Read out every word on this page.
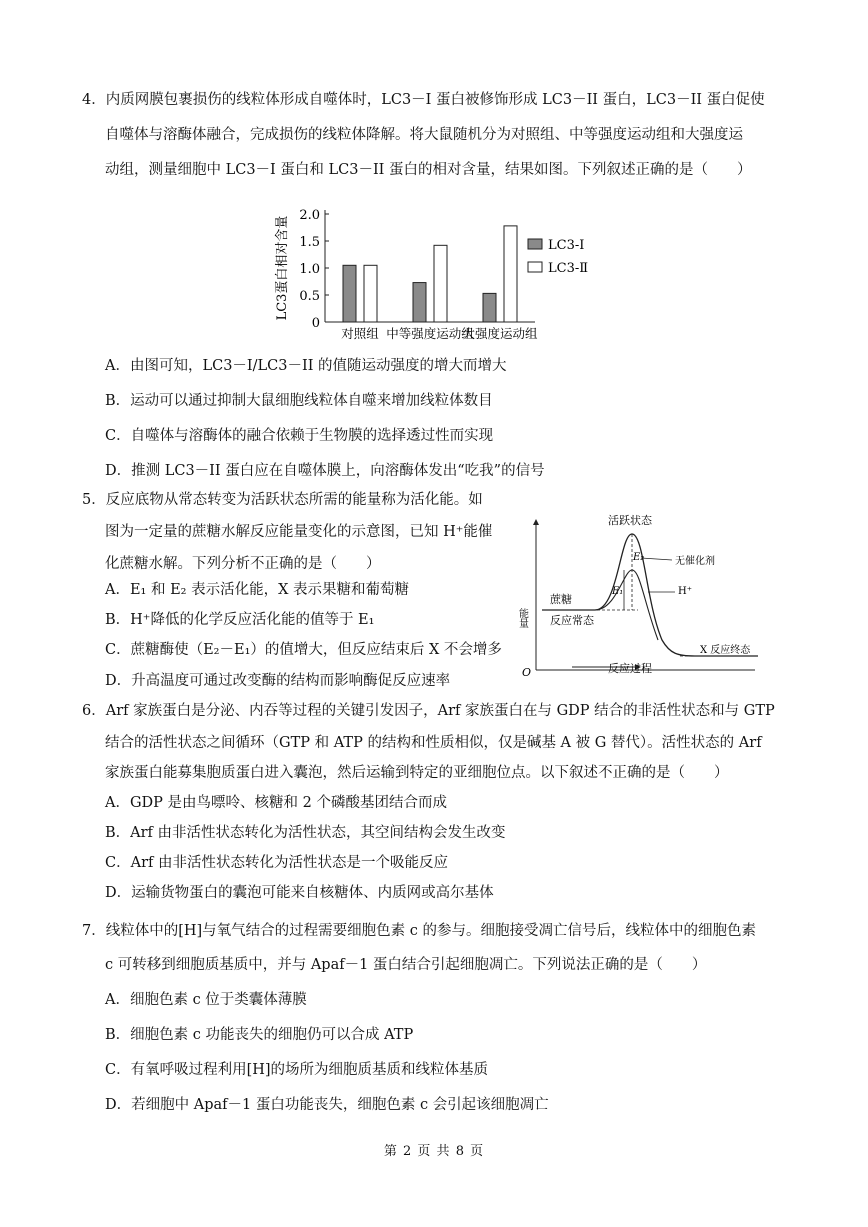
4．内质网膜包裹损伤的线粒体形成自噬体时，LC3－I 蛋白被修饰形成 LC3－II 蛋白，LC3－II 蛋白促使
自噬体与溶酶体融合，完成损伤的线粒体降解。将大鼠随机分为对照组、中等强度运动组和大强度运
动组，测量细胞中 LC3－I 蛋白和 LC3－II 蛋白的相对含量，结果如图。下列叙述正确的是（　　）
0
0.5
1.0
1.5
2.0
LC3蛋白相对含量
对照组 中等强度运动组
大强度运动组
LC3-Ⅰ
LC3-Ⅱ
A．由图可知，LC3－I/LC3－II 的值随运动强度的增大而增大
B．运动可以通过抑制大鼠细胞线粒体自噬来增加线粒体数目
C．自噬体与溶酶体的融合依赖于生物膜的选择透过性而实现
D．推测 LC3－II 蛋白应在自噬体膜上，向溶酶体发出“吃我”的信号
5．反应底物从常态转变为活跃状态所需的能量称为活化能。如
图为一定量的蔗糖水解反应能量变化的示意图，已知 H⁺能催
化蔗糖水解。下列分析不正确的是（　　）
A．E₁ 和 E₂ 表示活化能，X 表示果糖和葡萄糖
B．H⁺降低的化学反应活化能的值等于 E₁
C．蔗糖酶使（E₂－E₁）的值增大，但反应结束后 X 不会增多
D．升高温度可通过改变酶的结构而影响酶促反应速率
O	反应过程
能量
活跃状态
无催化剂
H⁺
E₂
E₁
蔗糖
反应常态
X 反应终态
6．Arf 家族蛋白是分泌、内吞等过程的关键引发因子，Arf 家族蛋白在与 GDP 结合的非活性状态和与 GTP
结合的活性状态之间循环（GTP 和 ATP 的结构和性质相似，仅是碱基 A 被 G 替代）。活性状态的 Arf
家族蛋白能募集胞质蛋白进入囊泡，然后运输到特定的亚细胞位点。以下叙述不正确的是（　　）
A．GDP 是由鸟嘌呤、核糖和 2 个磷酸基团结合而成
B．Arf 由非活性状态转化为活性状态，其空间结构会发生改变
C．Arf 由非活性状态转化为活性状态是一个吸能反应
D．运输货物蛋白的囊泡可能来自核糖体、内质网或高尔基体
7．线粒体中的[H]与氧气结合的过程需要细胞色素 c 的参与。细胞接受凋亡信号后，线粒体中的细胞色素
c 可转移到细胞质基质中，并与 Apaf－1 蛋白结合引起细胞凋亡。下列说法正确的是（　　）
A．细胞色素 c 位于类囊体薄膜
B．细胞色素 c 功能丧失的细胞仍可以合成 ATP
C．有氧呼吸过程利用[H]的场所为细胞质基质和线粒体基质
D．若细胞中 Apaf－1 蛋白功能丧失，细胞色素 c 会引起该细胞凋亡
第 2 页 共 8 页
